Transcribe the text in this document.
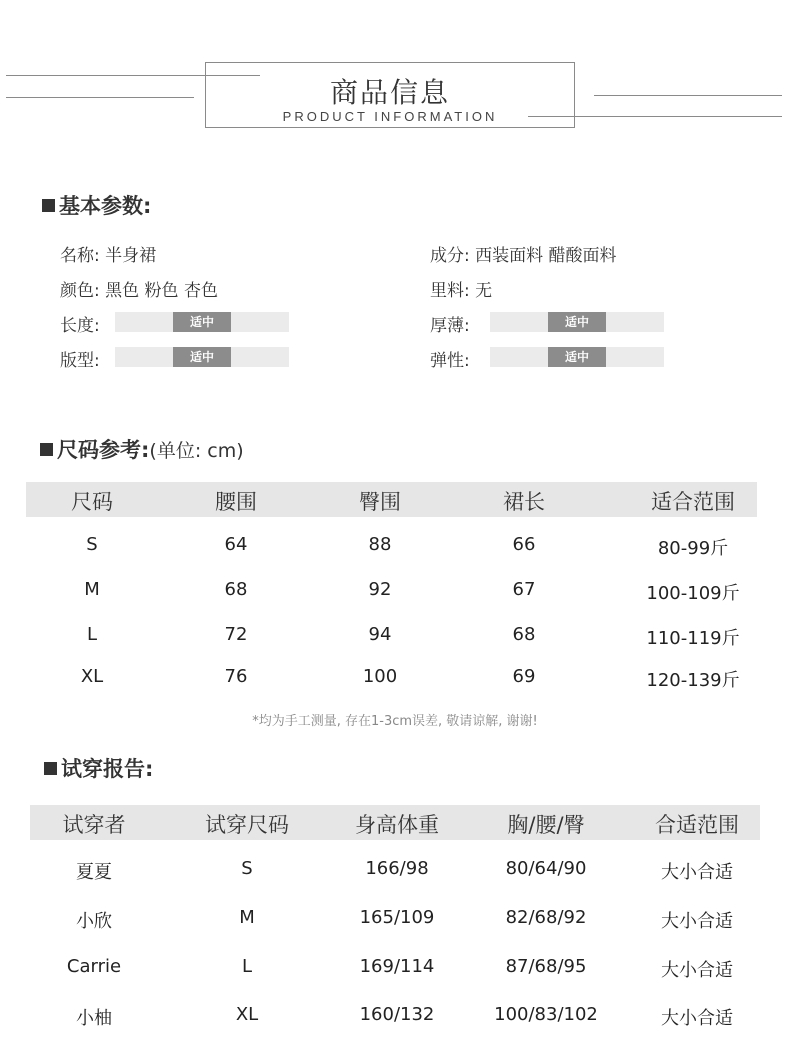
商品信息
PRODUCT INFORMATION
基本参数:
名称: 半身裙	成分: 西装面料 醋酸面料
颜色: 黑色 粉色 杏色	里料: 无
长度:	适中	厚薄:	适中
版型:	适中	弹性:	适中
尺码参考:(单位: cm)
尺码	腰围	臀围	裙长	适合范围
S	64	88	66	80-99斤
M	68	92	67	100-109斤
L	72	94	68	110-119斤
XL	76	100	69	120-139斤
*均为手工测量, 存在1-3cm误差, 敬请谅解, 谢谢!
试穿报告:
试穿者	试穿尺码	身高体重	胸/腰/臀	合适范围
夏夏	S	166/98	80/64/90	大小合适
小欣	M	165/109	82/68/92	大小合适
Carrie	L	169/114	87/68/95	大小合适
小柚	XL	160/132	100/83/102	大小合适
